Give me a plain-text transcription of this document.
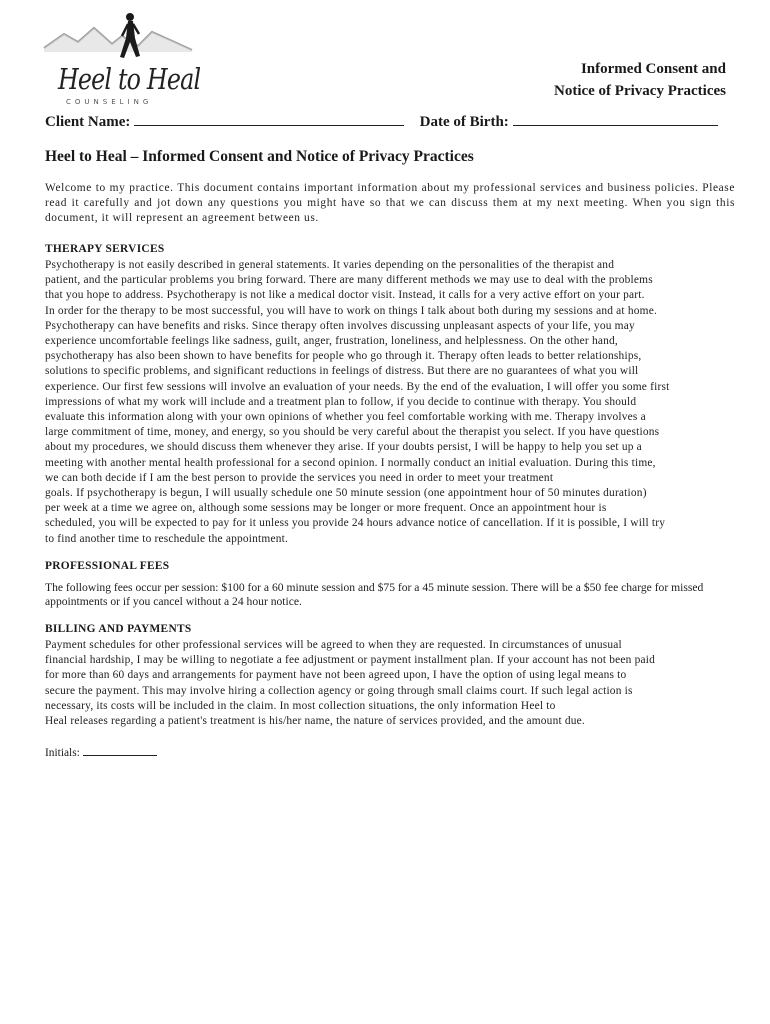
Heel to Heal
COUNSELING
Informed Consent and
Notice of Privacy Practices
Client Name:	Date of Birth:
Heel to Heal – Informed Consent and Notice of Privacy Practices
Welcome to my practice. This document contains important information about my professional services and business policies. Please read it carefully and jot down any questions you might have so that we can discuss them at my next meeting. When you sign this document, it will represent an agreement between us.
THERAPY SERVICES

Psychotherapy is not easily described in general statements. It varies depending on the personalities of the therapist and

patient, and the particular problems you bring forward. There are many different methods we may use to deal with the problems

that you hope to address. Psychotherapy is not like a medical doctor visit. Instead, it calls for a very active effort on your part.

In order for the therapy to be most successful, you will have to work on things I talk about both during my sessions and at home.

Psychotherapy can have benefits and risks. Since therapy often involves discussing unpleasant aspects of your life, you may

experience uncomfortable feelings like sadness, guilt, anger, frustration, loneliness, and helplessness. On the other hand,

psychotherapy has also been shown to have benefits for people who go through it. Therapy often leads to better relationships,

solutions to specific problems, and significant reductions in feelings of distress. But there are no guarantees of what you will

experience. Our first few sessions will involve an evaluation of your needs. By the end of the evaluation, I will offer you some first

impressions of what my work will include and a treatment plan to follow, if you decide to continue with therapy. You should

evaluate this information along with your own opinions of whether you feel comfortable working with me. Therapy involves a

large commitment of time, money, and energy, so you should be very careful about the therapist you select. If you have questions

about my procedures, we should discuss them whenever they arise. If your doubts persist, I will be happy to help you set up a

meeting with another mental health professional for a second opinion. I normally conduct an initial evaluation. During this time,

we can both decide if I am the best person to provide the services you need in order to meet your treatment

goals. If psychotherapy is begun, I will usually schedule one 50 minute session (one appointment hour of 50 minutes duration)

per week at a time we agree on, although some sessions may be longer or more frequent. Once an appointment hour is

scheduled, you will be expected to pay for it unless you provide 24 hours advance notice of cancellation. If it is possible, I will try

to find another time to reschedule the appointment.

PROFESSIONAL FEES
The following fees occur per session: $100 for a 60 minute session and $75 for a 45 minute session. There will be a $50 fee charge for missed appointments or if you cancel without a 24 hour notice.
BILLING AND PAYMENTS

Payment schedules for other professional services will be agreed to when they are requested. In circumstances of unusual

financial hardship, I may be willing to negotiate a fee adjustment or payment installment plan. If your account has not been paid

for more than 60 days and arrangements for payment have not been agreed upon, I have the option of using legal means to

secure the payment. This may involve hiring a collection agency or going through small claims court. If such legal action is

necessary, its costs will be included in the claim. In most collection situations, the only information Heel to

Heal releases regarding a patient's treatment is his/her name, the nature of services provided, and the amount due.

Initials:
